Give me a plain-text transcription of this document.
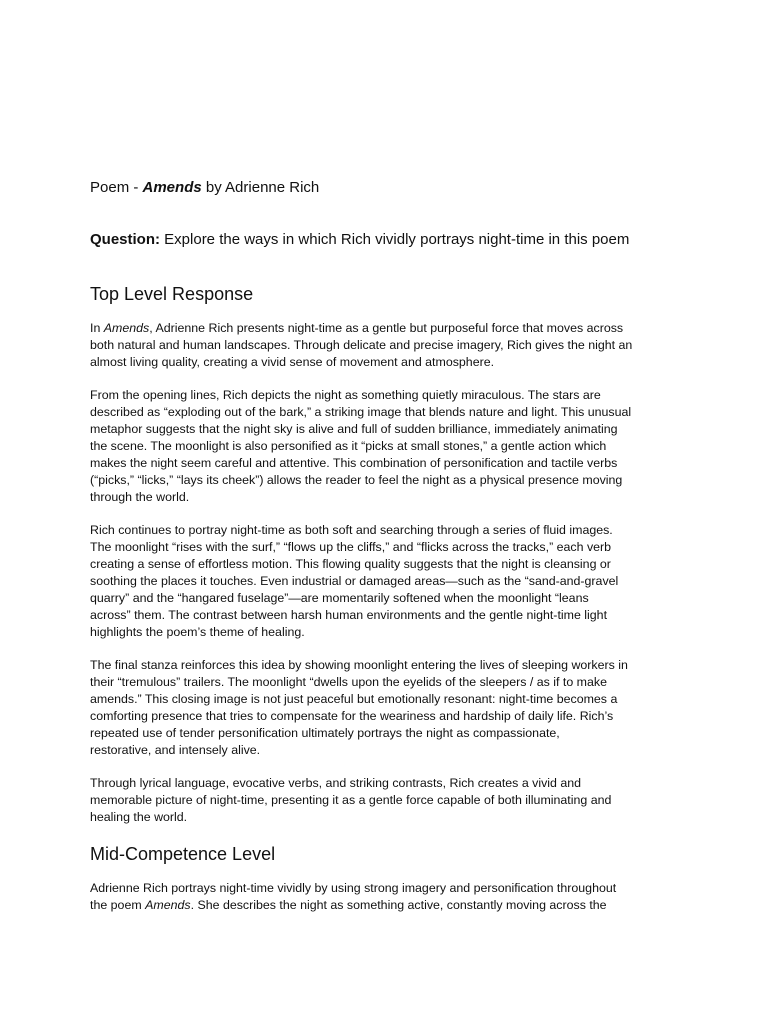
Poem - Amends by Adrienne Rich
Question: Explore the ways in which Rich vividly portrays night-time in this poem
Top Level Response

In Amends, Adrienne Rich presents night-time as a gentle but purposeful force that moves across
both natural and human landscapes. Through delicate and precise imagery, Rich gives the night an
almost living quality, creating a vivid sense of movement and atmosphere.

From the opening lines, Rich depicts the night as something quietly miraculous. The stars are
described as “exploding out of the bark,” a striking image that blends nature and light. This unusual
metaphor suggests that the night sky is alive and full of sudden brilliance, immediately animating
the scene. The moonlight is also personified as it “picks at small stones,” a gentle action which
makes the night seem careful and attentive. This combination of personification and tactile verbs
(“picks,” “licks,” “lays its cheek”) allows the reader to feel the night as a physical presence moving
through the world.

Rich continues to portray night-time as both soft and searching through a series of fluid images.
The moonlight “rises with the surf,” “flows up the cliffs,” and “flicks across the tracks,” each verb
creating a sense of effortless motion. This flowing quality suggests that the night is cleansing or
soothing the places it touches. Even industrial or damaged areas—such as the “sand-and-gravel
quarry” and the “hangared fuselage”—are momentarily softened when the moonlight “leans
across” them. The contrast between harsh human environments and the gentle night-time light
highlights the poem’s theme of healing.

The final stanza reinforces this idea by showing moonlight entering the lives of sleeping workers in
their “tremulous” trailers. The moonlight “dwells upon the eyelids of the sleepers / as if to make
amends.” This closing image is not just peaceful but emotionally resonant: night-time becomes a
comforting presence that tries to compensate for the weariness and hardship of daily life. Rich’s
repeated use of tender personification ultimately portrays the night as compassionate,
restorative, and intensely alive.

Through lyrical language, evocative verbs, and striking contrasts, Rich creates a vivid and
memorable picture of night-time, presenting it as a gentle force capable of both illuminating and
healing the world.

Mid-Competence Level

Adrienne Rich portrays night-time vividly by using strong imagery and personification throughout
the poem Amends. She describes the night as something active, constantly moving across the
